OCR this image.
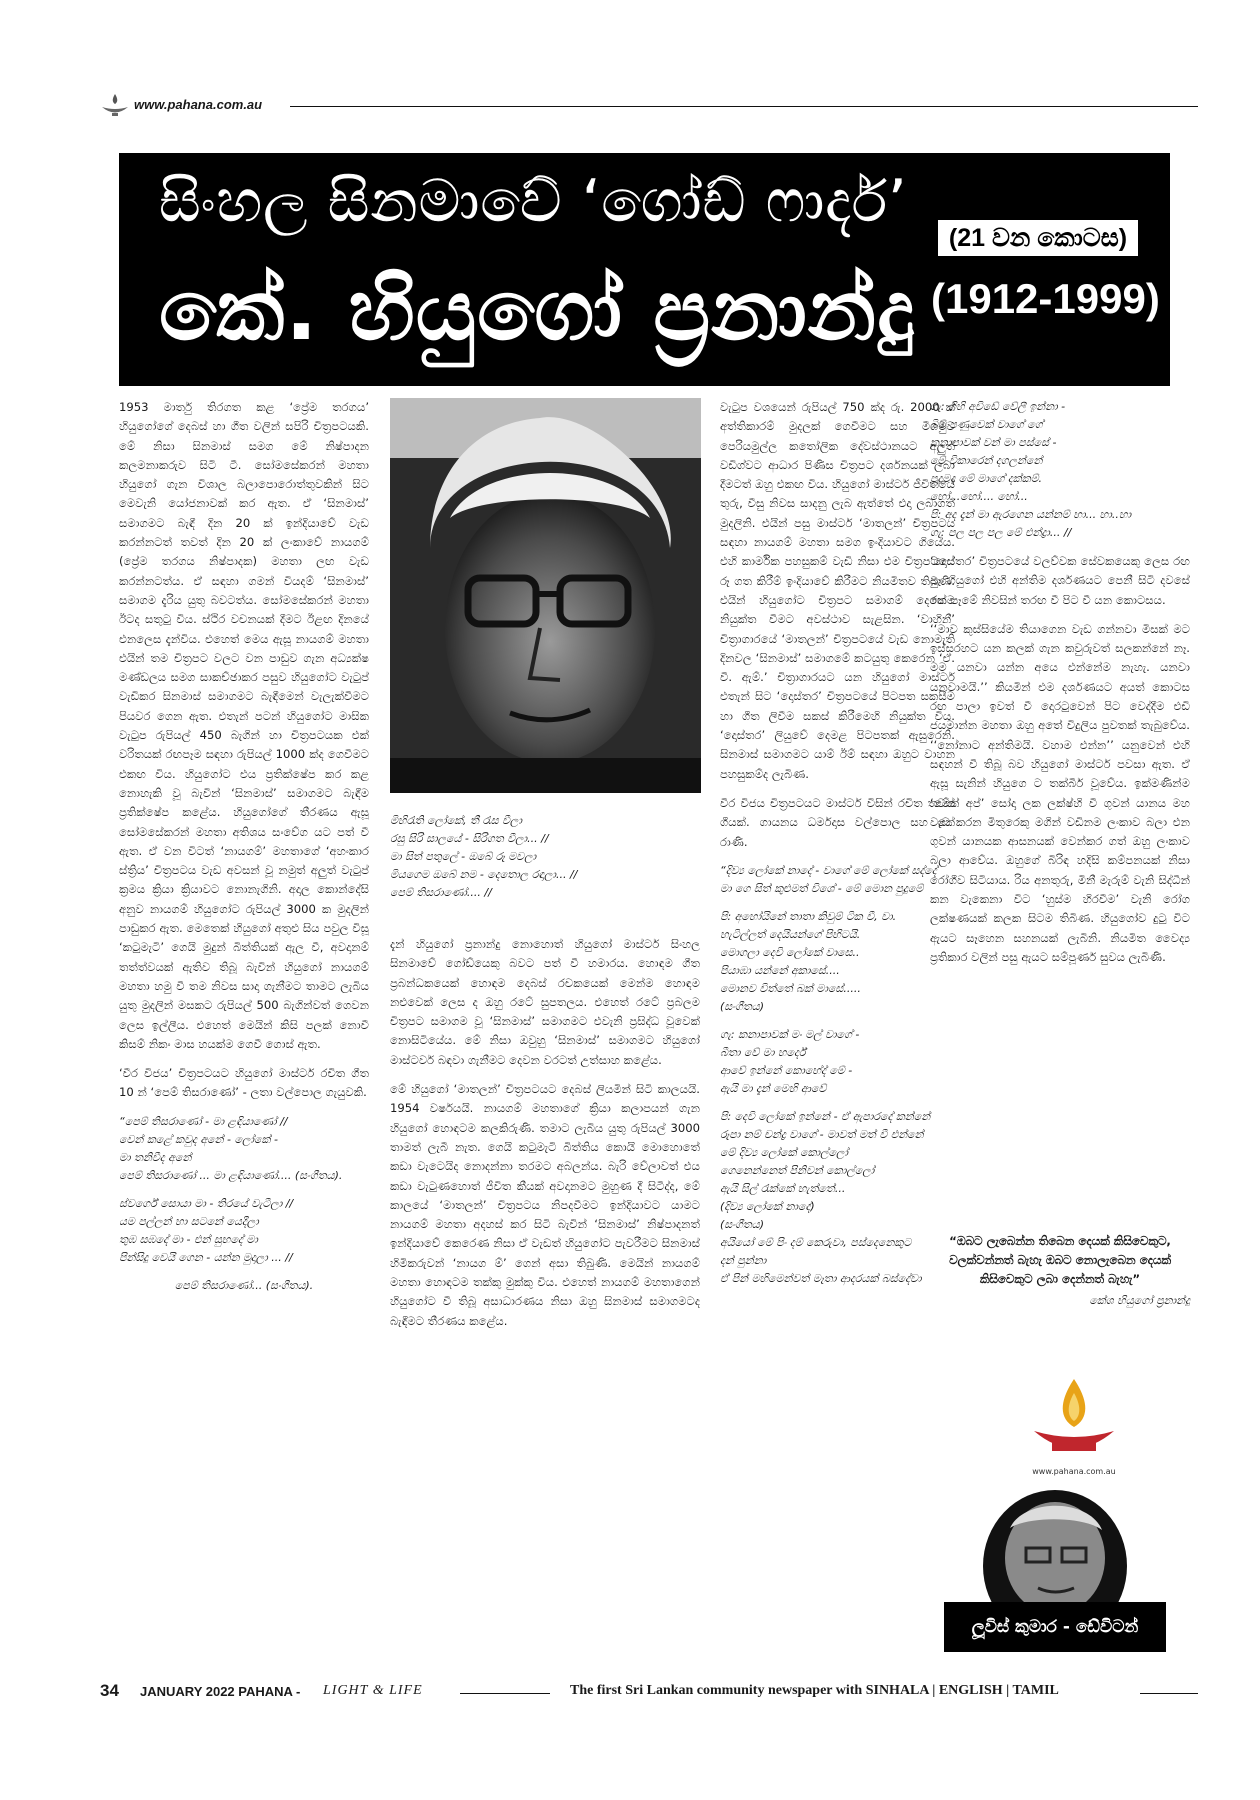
www.pahana.com.au
සිංහල සිනමාවේ ‘ගෝඩ් ෆාදර්’
කේ. හියුගෝ ප්‍රනාන්දු
(21 වන කොටස)
(1912-1999)

1953 මාර්තු තිරගත කළ ‘ප්‍රේම තරගය’ හියුගෝගේ දෙබස් හා ගීත වලින් සපිරි චිත්‍රපටයකි. මේ නිසා සිනමාස් සමග මේ නිෂ්පාදන කලමනාකරුව සිටි ටී. සෝමසේකරන් මහතා හියුගෝ ගැන විශාල බලාපොරොත්තුවකින් සිට මෙවැනි යෝජනාවක් කර ඇත. ඒ ‘සිනමාස්’ සමාගමට බැඳී දින 20 ක් ඉන්දියාවේ වැඩ කරන්නටත් තවත් දින 20 ක් ලංකාවේ නායගම් (ප්‍රේම තරගය නිෂ්පාදක) මහතා ලඟ වැඩ කරන්නටත්ය. ඒ සඳහා ගමන් වියදම් ‘සිනමාස්’ සමාගම දැරිය යුතු බවටත්ය. සෝමසේකරන් මහතා ඊටද සතුටු විය. ස්ථිර වචනයක් දීමට ඊළඟ දිනයේ එනලෙස දැන්විය. එහෙත් මෙය ඇසූ නායගම් මහතා එයින් තම චිත්‍රපට වලට වන පාඩුව ගැන අධ්‍යක්ෂ මණ්ඩලය සමග සාකච්ඡාකර පසුව හියුගෝට වැටුප් වැඩිකර සිනමාස් සමාගමට බැඳීමෙන් වැලැක්වීමට පියවර ගෙන ඇත. එතැන් පටන් හියුගෝට මාසික වැටුප රුපියල් 450 බැගින් හා චිත්‍රපටයක එක් වරිතයක් රඟපෑම සඳහා රුපියල් 1000 ක්ද ගෙවීමට එකඟ විය. හියුගෝට එය ප්‍රතික්ෂේප කර කළ නොහැකි වූ බැවින් ‘සිනමාස්’ සමාගමට බැඳීම ප්‍රතික්ෂේප කළේය. හියුගෝගේ තීරණය ඇසූ සෝමසේකරන් මහතා අතිශය සංවේග යට පත් වී ඇත. ඒ වන විටත් ‘නායගම්’ මහතාගේ ‘අහංකාර ස්ත්‍රිය’ චිත්‍රපටය වැඩ අවසන් වූ නමුත් අලුත් වැටුප් ක්‍රමය ක්‍රියා ක්‍රියාවට නොනැගිනි. අදාල කොන්දේසි අනුව නායගම් හියුගෝට රුපියල් 3000 ක මුදලින් පාඩුකර ඇත. මෙතෙක් හියුගෝ අතුළු සිය පවුල විසූ ‘කටුමැටි’ ගෙයි මුදුන් බිත්තියක් ඇල වී, අවදානම් තත්ත්වයක් ඇතිව තිබූ බැවින් හියුගෝ නායගම් මහතා හමු වී තම නිවස සාදා ගැනීමට තාමට ලැබිය යුතු මුදලින් මසකට රුපියල් 500 බැගින්වත් ගෙවන ලෙස ඉල්ලීය. එහෙත් මෙයින් කිසි පලක් නොවී කිසම් නිකං මාස හයක්ම ගෙවී ගොස් ඇත.

‘වීර විජය’ චිත්‍රපටයට හියුගෝ මාස්ටර් රචිත ගීත 10 න් ‘පෙම් තිසරාණෝ’ - ලතා වල්පොල ගැයුවකි.

“පෙම් තිසරාණෝ - මා ළඳියාණෝ //
වෙන් කළේ කවුද අනේ - ලෝකේ -
මා තනිවීද අනේ
පෙම් තිසරාණෝ ... මා ළඳියාණෝ.... (සංගීතය).
ස්වර්ගේ සොයා මා - තිරයේ වැටීලා //
යම පල්ලන් හා සටනේ යෙදීලා
තුඹ සඹදේ මා - එන් සුභදේ මා
පින්සිදු වෙයි ගෙන - යන්න මුදාලා ... //
පෙම් තිසරාණෝ... (සංගීතය).
මිහිරැති ලෝකේ, තී රැස වීලා
රසු සිරි සාලයේ - සිරිගත වීලා... //
මා සිත් පතුලේ - ඔබේ රූ මවලා
මියගෙම ඔබේ නම - දෙතොල රඳාලා... //
පෙම් තිසරාණෝ.... //

දැන් හියුගෝ ප්‍රනාන්දු නොහොත් හියුගෝ මාස්ටර් සිංහල සිනමාවේ ගෝඩ්යෙකු බවට පත් වී හමාරය. හොඳම ගීත ප්‍රබන්ධකයෙක් හොඳම දෙබස් රචකයෙක් මෙන්ම හොඳම නළුවෙක් ලෙස ද ඔහු රටේ සුපතලය. එහෙත් රටේ ප්‍රබලම චිත්‍රපට සමාගම වූ ‘සිනමාස්’ සමාගමට එවැනි ප්‍රසිද්ධ වූවෙක් නොසිටියේය. මේ නිසා ඔවුහු ‘සිනමාස්’ සමාගමට හියුගෝ මාස්ටර්ව බඳවා ගැනීමට දෙවන වරටත් උත්සාහ කළේය.

මේ හියුගෝ ‘මාතලන්’ චිත්‍රපටයට දෙබස් ලියමින් සිටි කාලයයි. 1954 වර්ෂයයි. නායගම් මහතාගේ ක්‍රියා කලාපයන් ගැන හියුගෝ හොඳටම කලකිරුණි. තමාට ලැබිය යුතු රුපියල් 3000 තාමත් ලැබී නැත. ගෙයි කටුමැටි බිත්තිය කොයි මොහොතේ කඩා වැටෙයිද නොදන්නා තරමට අබලන්ය. බැරි වේලාවත් එය කඩා වැටුණහොත් ජීවිත කීයක් අවදානමට මුහුණ දී සිටීද්ද, මේ කාලයේ ‘මාතලන්’ චිත්‍රපටය නිපදවීමට ඉන්දියාවට යාමට නායගම් මහතා අදහස් කර සිටි බැවින් ‘සිනමාස්’ නිෂ්පාදනත් ඉන්දියාවේ කෙරෙණ නිසා ඒ වැඩත් හියුගෝට පැවරීමට සිනමාස් හිමිකරුවන් ‘නායග ම්’ ගෙන් අසා තිබුණි. මෙයින් නායගම් මහතා හොඳටම තක්කු මුක්කු විය. එහෙත් නායගම් මහතාගෙන් හියුගෝට වී තිබූ අසාධාරණය නිසා ඔහු සිනමාස් සමාගමටද බැඳීමට තීරණය කළේය.

වැටුප වශයෙන් රුපියල් 750 ක්ද රු. 2000 ක් අත්තිකාරම් මුදලක් ගෙවීමට සහ මීගමුව පෙරියමුල්ල කතෝලික දේවස්ථානයට අලුත් වඩිග්වට ආධාර පිණිස චිත්‍රපට දර්ශනයක් ලබා දීමටත් ඔහු එකඟ විය. හියුගෝ මාස්ටර් ජීවිතයේ තුරු, වීසු නිවස සාදනු ලැබ ඇත්තේ එදා ලබාගත් මුදලිනි. එයින් පසු මාස්ටර් ‘මාතලන්’ චිත්‍රපටය සඳහා නායගම් මහතා සමග ඉංදියාවට ගියේය. එහි කාර්මික පහසුකම් වැඩි නිසා එම චිත්‍රපටයේ රූ ගත කිරීම් ඉංදියාවේ කිරීමට නියමිතව තිබුණි. එයින් හියුගෝට චිත්‍රපට සමාගම් දෙකේම නියුක්ත වීමට අවස්ථාව සැළසින. ‘වාහිනී’ චිත්‍රාගාරයේ ‘මාතලන්’ චිත්‍රපටයේ වැඩ නොමැති දිනවල ‘සිනමාස්’ සමාගමේ කටයුතු කෙරෙන ‘ඒ. වී. ඇම්.’ චිත්‍රාගාරයට යන හියුගෝ මාස්ටර් එතැන් සිට ‘දොස්තර’ චිත්‍රපටයේ පිටපත සකසීම හා ගීත ලිවීම සකස් කිරීමෙහි නියුක්ත විය. ‘දොස්තර’ ලියුවේ දෙමළ පිටපතක් ඇසුරෙනි. සිනමාස් සමාගමට යාම් ඊම් සඳහා ඔහුට වාහන පහසුකම්ද ලැබිණ.

වීර විජය චිත්‍රපටයට මාස්ටර් විසින් රචිත තවත් ගීයක්. ගායනය ධර්මදාස වල්පොල සහ කේ රාණි.

“දිව්‍ය ලෝකේ නාදේ - වාගේ මේ ලෝකේ සද්දේ
මා ගෙ සිත් කුළුමත් විශේ - මේ මොන පුදුමේ
පි: අහෝයිනේ තාතා කිවුම් ටික වී, වා.
හැටිල්ලත් දෙයියන්ගේ පිහිටයි.
මොගලා දෙවි ලෝකේ වාසෙ..
පියාඹා යන්නේ අකාසේ....
මොනව විත්තේ බක් මාසේ.....
(සංගීතය)
ගැ: කනාපාවක් මං මල් වාගේ -
බීතා වේ මා හර්දේ
ආවේ ඉන්නේ කොහේද් මේ -
ඇයි මා දැන් මෙහි ආවේ
පි: දෙවි ලෝකේ ඉන්නේ - ඒ ඇපාරදේ කන්නේ
රූපා නම් චන්ද්‍ර වාගේ - මාවත් මත් වී එන්නේ
මේ දිව්‍ය ලෝකේ කොල්ලෝ
ගෙනෙන්නෙත් පිනිවන් කොල්ලෝ
ඇයි සිල් රැක්කේ හැත්තේ...
(දිව්‍ය ලෝකේ නාදේ)
(සංගීතය)
අයියෝ මේ පිං දම් කෙරුවා, පස්දෙනෙකුට
දන් පුන්නා
ඒ පින් මහිමෙන්වත් මෑතා ආදරයක් බස්දේවා
ගැ: ගිහි අවිඩේ වේලී ඉන්නා -
බිම් පණුවෙක් වාගේ ගේ
කනාපාවක් වන් මා පස්සේ -
මේ විකාරෙන් දගලන්නේ
පුදුමද මේ මාගේ දක්කම්.
හෝ...හෝ.... හෝ...
පි: අද දැන් මා ඇරගෙන යන්නම් හා... හා..හා
ගැ: පල පල පල මේ එන්ද්‍රා... //

‘දොස්තර’ චිත්‍රපටයේ වලව්වක සේවකයෙකු ලෙස රඟ පෑ හියුගෝ එහි අන්තිම දර්ශණයට පෙනී සිටි දවසේ රඟ පෑමේ නිවසින් තරඟ වී පිට වී යන කොටසය.

‘‘මාව කුස්සියේම තියාගෙන වැඩ ගන්නවා මිසක් මට ඉස්සරහට යන කලක් ගැන කවුරුවත් සලකන්නේ නෑ. මම යනවා යන්න අයෙ එන්නේම නැහැ. යනවා යනවාමයි.’’ කියමින් එම දර්ශණයට අයත් කොටස රඟ පාලා ඉවත් වී දොරටුවෙන් පිට වෙද්දීම එඩි ජයමාන්න මහතා ඔහු අතේ විදුලිය පුවතක් තැබුවේය. ‘‘නෝනාට අන්තිමයි. වහාම එන්න’’ යනුවෙන් එහි සඳහන් වී තිබූ බව හියුගෝ මාස්ටර් පවසා ඇත. ඒ ඇසූ සැනින් හියුගෙ ට තක්බීර් වූවේය. ඉක්මණින්ම ‘මේක් අප්’ සෝදා ලක ලක්ෂ්හි වී ගුවන් යානය මහ වැඩ කරන මිතුරෙකු මගින් වඩිනම ලංකාව බලා එන ගුවන් යානයක ආසනයක් වෙන්කර ගත් ඔහු ලංකාව බලා ආවේය. ඔහුගේ බිරිඳ හදිසි කම්පනයක් නිසා රෝගීව සිටියාය. රිය අනතුරු, මිනී මැරුම් වැනි සිද්ධීන් කන වැකෙනා විට ‘හුස්ම හිරවීම’ වැනි රෝග ලක්ෂණයක් කලක සිටම තිබිණ. හියුගෝව දුටු විට ඇයට සෑහෙන සහනයක් ලැබිනි. නියමිත වෛද්‍ය ප්‍රතිකාර වලින් පසු ඇයට සම්පූර්ණ සුවය ලැබිණි.

“ඔබට ලැබෙන්න තිබෙන දෙයක් කිසිවෙකුට, වලක්වන්නත් බැහැ ඔබට නොලැබෙන දෙයක් කිසිවෙකුට ලබා දෙන්නත් බැහැ”
කේශ හියුගෝ ප්‍රනාන්දු
www.pahana.com.au
ලූවිස් කුමාර - ඩේවිටන්
34 JANUARY 2022 PAHANA - LIGHT & LIFE	The first Sri Lankan community newspaper with SINHALA | ENGLISH | TAMIL
